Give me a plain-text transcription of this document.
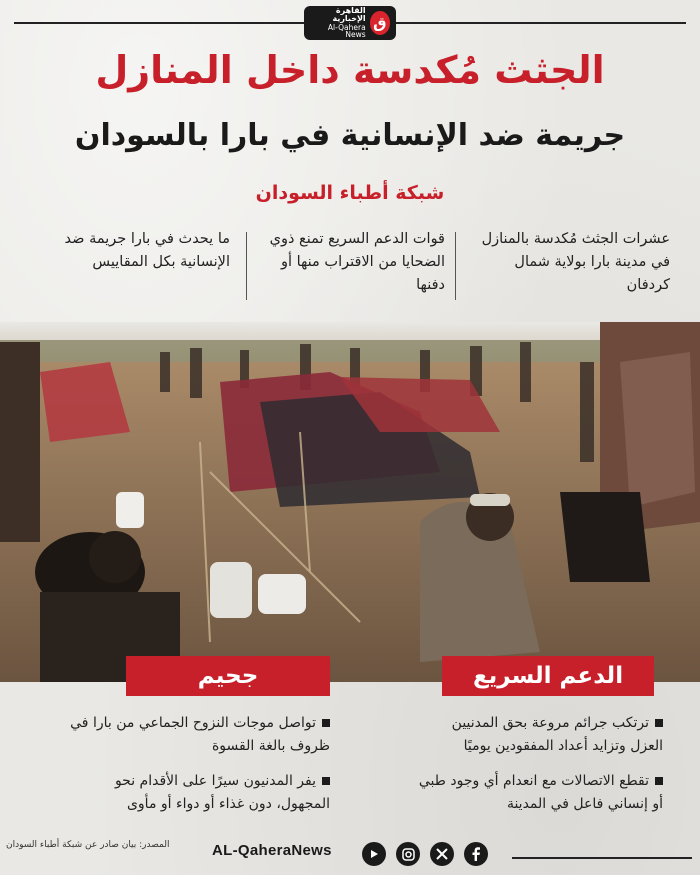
القاهرة الإخبارية
Al-Qahera News
ق
الجثث مُكدسة داخل المنازل
جريمة ضد الإنسانية في بارا بالسودان
شبكة أطباء السودان
عشرات الجثث مُكدسة بالمنازل في مدينة بارا بولاية شمال كردفان
قوات الدعم السريع تمنع ذوي الضحايا من الاقتراب منها أو دفنها
ما يحدث في بارا جريمة ضد الإنسانية بكل المقاييس
الدعم السريع
جحيم
ترتكب جرائم مروعة بحق المدنيين العزل وتزايد أعداد المفقودين يوميًا
تقطع الاتصالات مع انعدام أي وجود طبي أو إنساني فاعل في المدينة
تواصل موجات النزوح الجماعي من بارا في ظروف بالغة القسوة
يفر المدنيون سيرًا على الأقدام نحو المجهول، دون غذاء أو دواء أو مأوى
المصدر: بيان صادر عن شبكة أطباء السودان	AL-QaheraNews
